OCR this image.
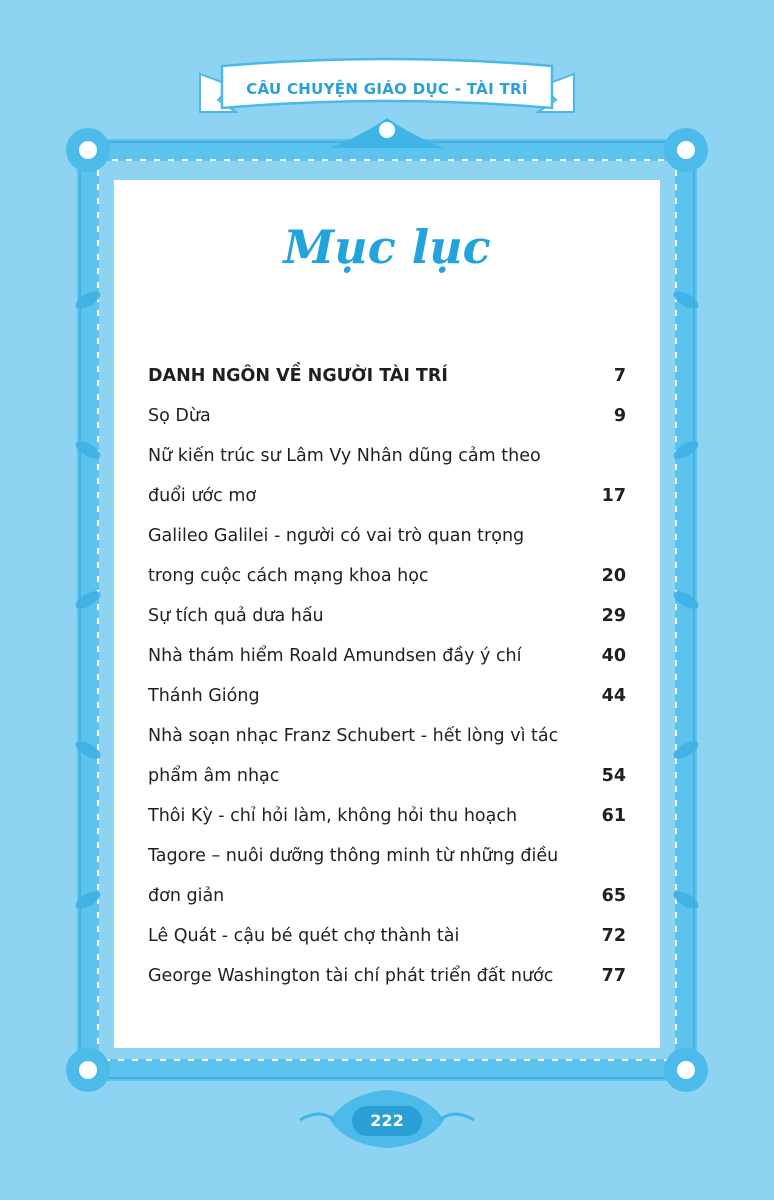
CÂU CHUYỆN GIÁO DỤC - TÀI TRÍ
Mục lục
DANH NGÔN VỀ NGƯỜI TÀI TRÍ	7
Sọ Dừa	9
Nữ kiến trúc sư Lâm Vy Nhân dũng cảm theo đuổi ước mơ	17
Galileo Galilei - người có vai trò quan trọng trong cuộc cách mạng khoa học	20
Sự tích quả dưa hấu	29
Nhà thám hiểm Roald Amundsen đầy ý chí	40
Thánh Gióng	44
Nhà soạn nhạc Franz Schubert - hết lòng vì tác phẩm âm nhạc	54
Thôi Kỳ - chỉ hỏi làm, không hỏi thu hoạch	61
Tagore – nuôi dưỡng thông minh từ những điều đơn giản	65
Lê Quát - cậu bé quét chợ thành tài	72
George Washington tài chí phát triển đất nước	77
222
